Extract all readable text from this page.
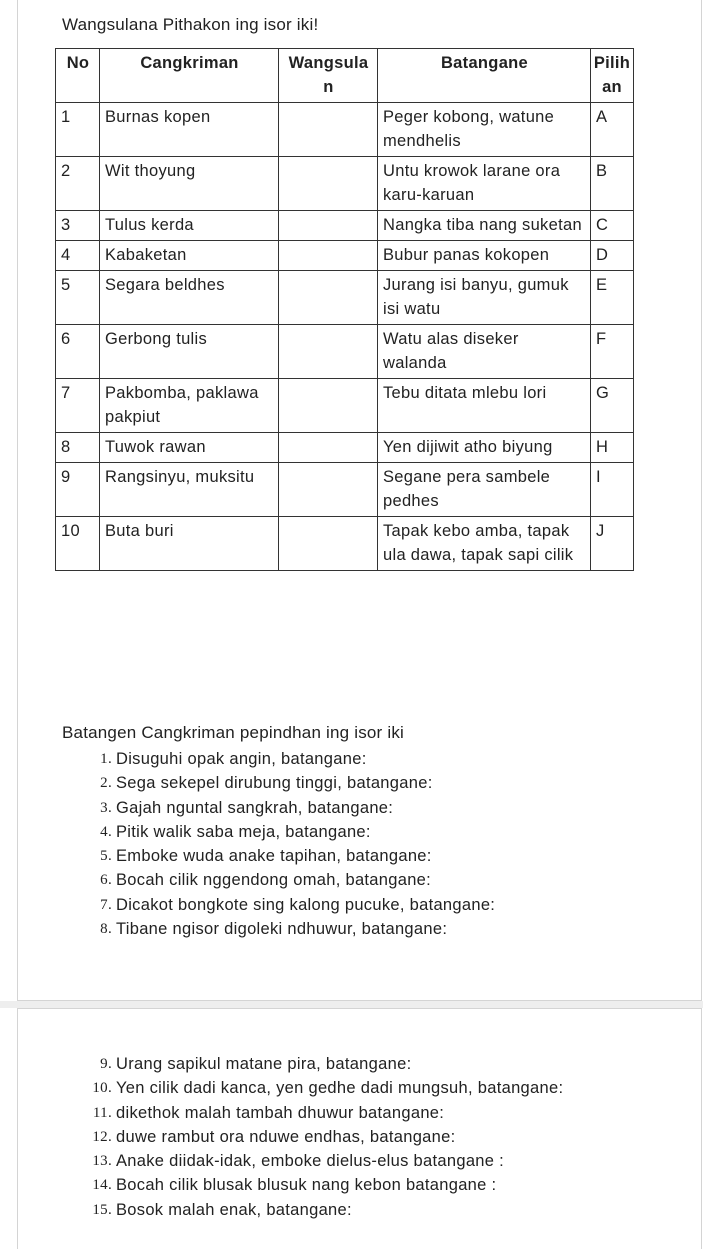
Wangsulana Pithakon ing isor iki!
No	Cangkriman	Wangsulan	Batangane	Pilihan
1	Burnas kopen		Peger kobong, watune mendhelis	A
2	Wit thoyung		Untu krowok larane ora karu-karuan	B
3	Tulus kerda		Nangka tiba nang suketan	C
4	Kabaketan		Bubur panas kokopen	D
5	Segara beldhes		Jurang isi banyu, gumuk isi watu	E
6	Gerbong tulis		Watu alas diseker walanda	F
7	Pakbomba, paklawa pakpiut		Tebu ditata mlebu lori	G
8	Tuwok rawan		Yen dijiwit atho biyung	H
9	Rangsinyu, muksitu		Segane pera sambele pedhes	I
10	Buta buri		Tapak kebo amba, tapak ula dawa, tapak sapi cilik	J
Batangen Cangkriman pepindhan ing isor iki
1. Disuguhi opak angin, batangane:
2. Sega sekepel dirubung tinggi, batangane:
3. Gajah nguntal sangkrah, batangane:
4. Pitik walik saba meja, batangane:
5. Emboke wuda anake tapihan, batangane:
6. Bocah cilik nggendong omah, batangane:
7. Dicakot bongkote sing kalong pucuke, batangane:
8. Tibane ngisor digoleki ndhuwur, batangane:
9. Urang sapikul matane pira, batangane:
10. Yen cilik dadi kanca, yen gedhe dadi mungsuh, batangane:
11. dikethok malah tambah dhuwur batangane:
12. duwe rambut ora nduwe endhas, batangane:
13. Anake diidak-idak, emboke dielus-elus batangane :
14. Bocah cilik blusak blusuk nang kebon batangane :
15. Bosok malah enak, batangane:
